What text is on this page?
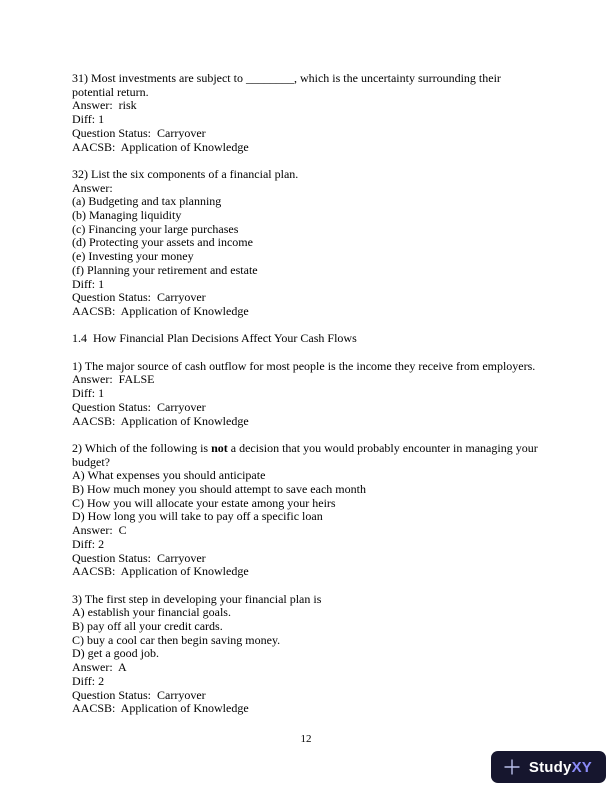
31) Most investments are subject to ________, which is the uncertainty surrounding their potential return.
Answer:  risk
Diff: 1
Question Status:  Carryover
AACSB:  Application of Knowledge
32) List the six components of a financial plan.
Answer:
(a) Budgeting and tax planning
(b) Managing liquidity
(c) Financing your large purchases
(d) Protecting your assets and income
(e) Investing your money
(f) Planning your retirement and estate
Diff: 1
Question Status:  Carryover
AACSB:  Application of Knowledge
1.4  How Financial Plan Decisions Affect Your Cash Flows
1) The major source of cash outflow for most people is the income they receive from employers.
Answer:  FALSE
Diff: 1
Question Status:  Carryover
AACSB:  Application of Knowledge
2) Which of the following is not a decision that you would probably encounter in managing your budget?
A) What expenses you should anticipate
B) How much money you should attempt to save each month
C) How you will allocate your estate among your heirs
D) How long you will take to pay off a specific loan
Answer:  C
Diff: 2
Question Status:  Carryover
AACSB:  Application of Knowledge
3) The first step in developing your financial plan is
A) establish your financial goals.
B) pay off all your credit cards.
C) buy a cool car then begin saving money.
D) get a good job.
Answer:  A
Diff: 2
Question Status:  Carryover
AACSB:  Application of Knowledge
12
StudyXY
